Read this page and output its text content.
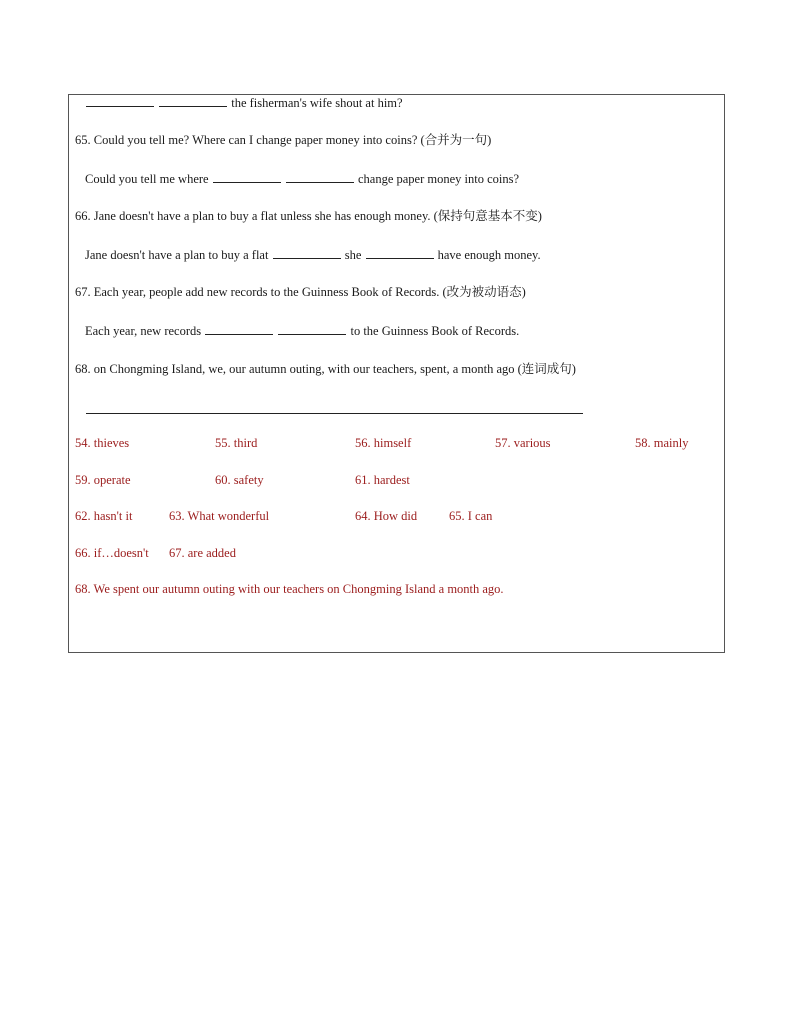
the fisherman's wife shout at him?
65. Could you tell me? Where can I change paper money into coins? (合并为一句)
Could you tell me where	change paper money into coins?
66. Jane doesn't have a plan to buy a flat unless she has enough money. (保持句意基本不变)
Jane doesn't have a plan to buy a flat	she	have enough money.
67. Each year, people add new records to the Guinness Book of Records. (改为被动语态)
Each year, new records	to the Guinness Book of Records.
68. on Chongming Island, we, our autumn outing, with our teachers, spent, a month ago (连词成句)
54. thieves	55. third	56. himself	57. various	58. mainly
59. operate	60. safety	61. hardest
62. hasn't it	63. What wonderful	64. How did	65. I can
66. if…doesn't 67. are added
68. We spent our autumn outing with our teachers on Chongming Island a month ago.
